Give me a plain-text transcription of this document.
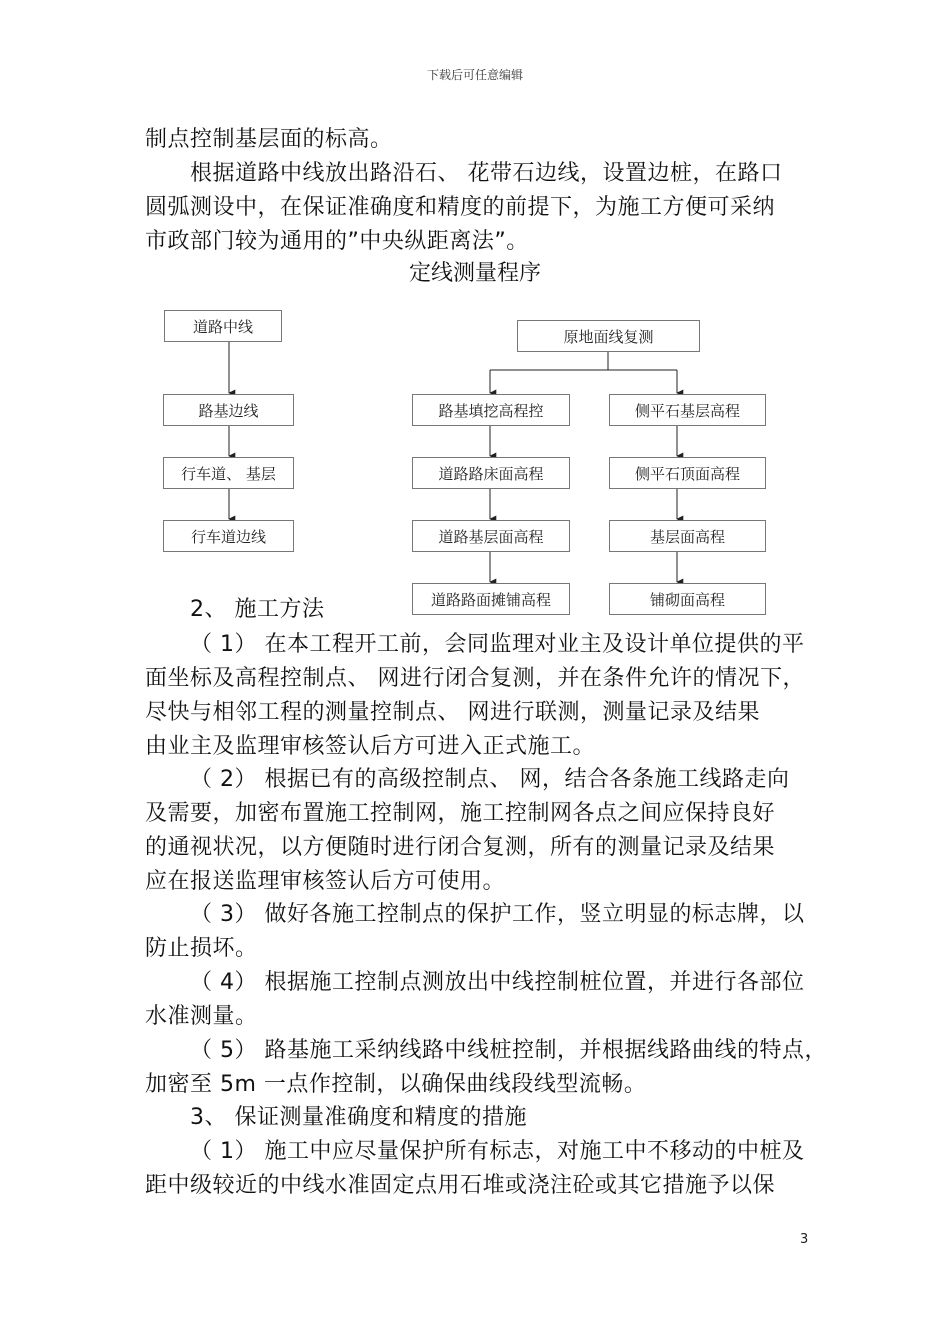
下载后可任意编辑
制点控制基层面的标高。
根据道路中线放出路沿石、 花带石边线，设置边桩，在路口
圆弧测设中，在保证准确度和精度的前提下，为施工方便可采纳
市政部门较为通用的”中央纵距离法”。
定线测量程序
道路中线
路基边线
行车道、 基层
行车道边线
原地面线复测
路基填挖高程控
道路路床面高程
道路基层面高程
道路路面摊铺高程
侧平石基层高程
侧平石顶面高程
基层面高程
铺砌面高程
2、 施工方法
（ 1） 在本工程开工前，会同监理对业主及设计单位提供的平
面坐标及高程控制点、 网进行闭合复测，并在条件允许的情况下，
尽快与相邻工程的测量控制点、 网进行联测，测量记录及结果
由业主及监理审核签认后方可进入正式施工。
（ 2） 根据已有的高级控制点、 网，结合各条施工线路走向
及需要，加密布置施工控制网，施工控制网各点之间应保持良好
的通视状况，以方便随时进行闭合复测，所有的测量记录及结果
应在报送监理审核签认后方可使用。
（ 3） 做好各施工控制点的保护工作，竖立明显的标志牌，以
防止损坏。
（ 4） 根据施工控制点测放出中线控制桩位置，并进行各部位
水准测量。
（ 5） 路基施工采纳线路中线桩控制，并根据线路曲线的特点，
加密至 5m 一点作控制，以确保曲线段线型流畅。
3、 保证测量准确度和精度的措施
（ 1） 施工中应尽量保护所有标志，对施工中不移动的中桩及
距中级较近的中线水准固定点用石堆或浇注砼或其它措施予以保
3
